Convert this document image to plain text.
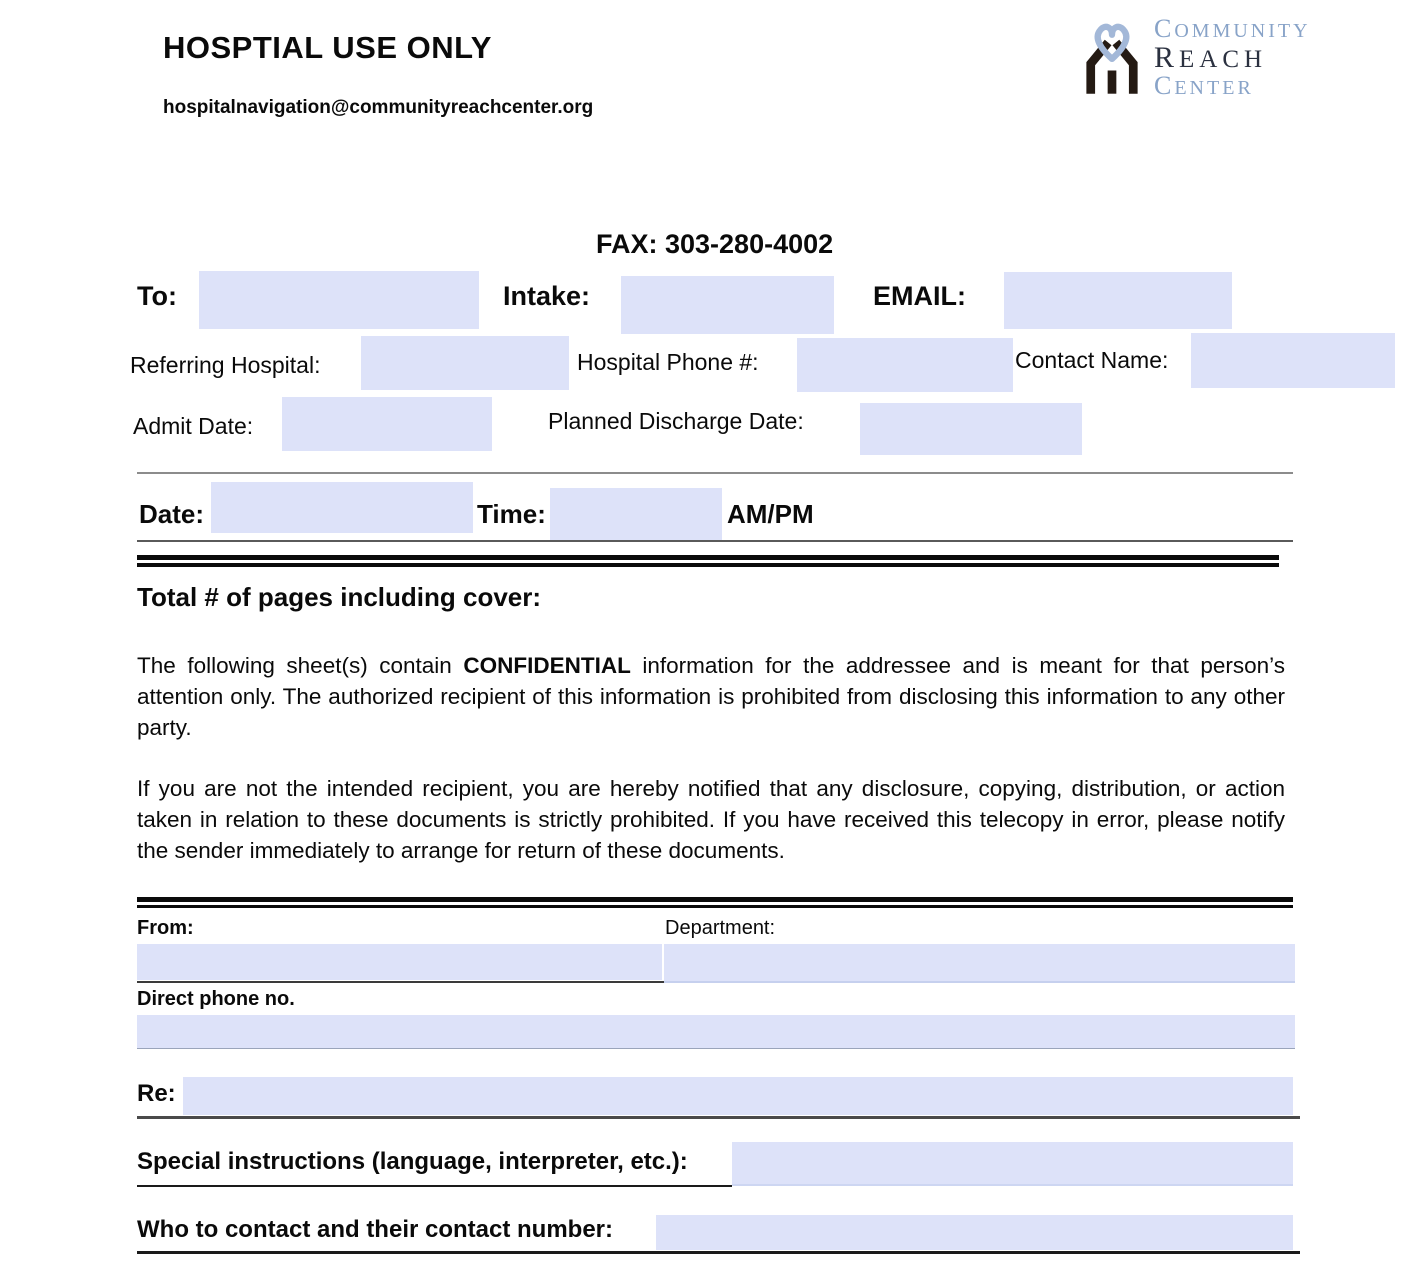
HOSPTIAL USE ONLY
hospitalnavigation@communityreachcenter.org
COMMUNITY
REACH
CENTER
FAX: 303-280-4002
To:	Intake:	EMAIL:
Referring Hospital:	Hospital Phone #:	Contact Name:
Admit Date:	Planned Discharge Date:
Date:	Time:	AM/PM
Total # of pages including cover:
The following sheet(s) contain CONFIDENTIAL information for the addressee and is meant for that person’s attention only. The authorized recipient of this information is prohibited from disclosing this information to any other party.
If you are not the intended recipient, you are hereby notified that any disclosure, copying, distribution, or action taken in relation to these documents is strictly prohibited. If you have received this telecopy in error, please notify the sender immediately to arrange for return of these documents.
From:	Department:
Direct phone no.
Re:
Special instructions (language, interpreter, etc.):
Who to contact and their contact number:
